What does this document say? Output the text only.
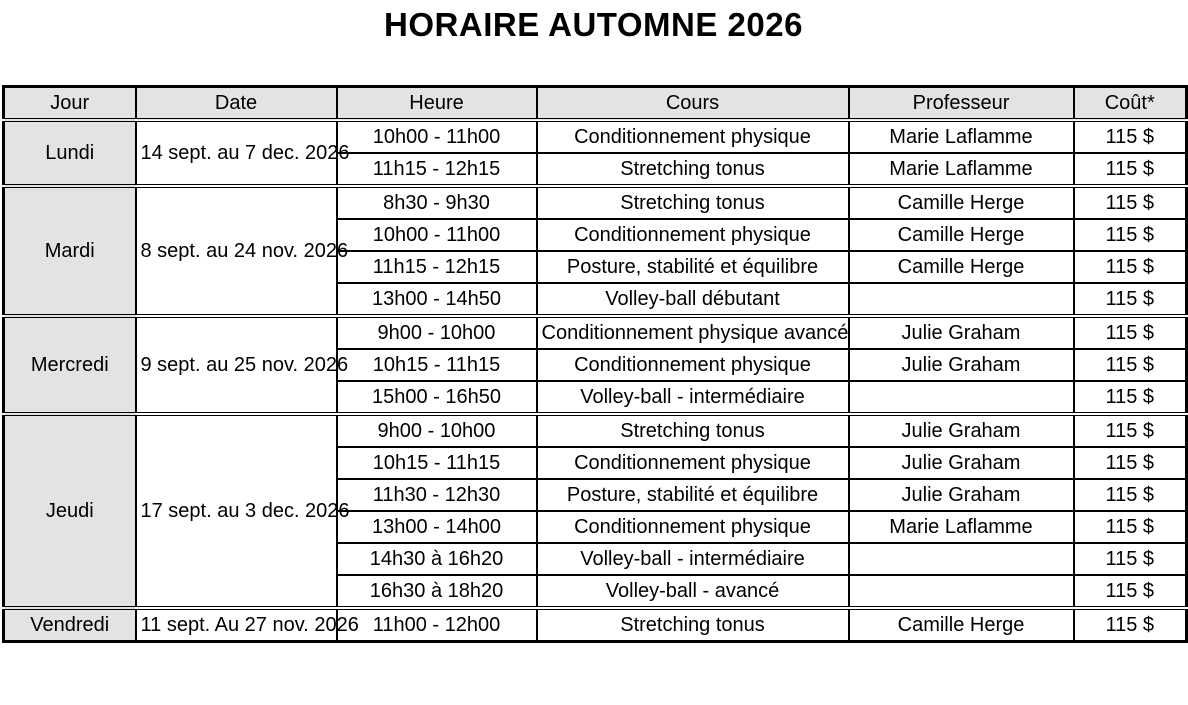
HORAIRE AUTOMNE 2026
Jour	Date	Heure	Cours	Professeur	Coût*
Lundi	14 sept. au 7 dec. 2026	10h00 - 11h00	Conditionnement physique	Marie Laflamme	115 $
		11h15 - 12h15	Stretching tonus	Marie Laflamme	115 $
Mardi	8 sept. au 24 nov. 2026	8h30 - 9h30	Stretching tonus	Camille Herge	115 $
		10h00 - 11h00	Conditionnement physique	Camille Herge	115 $
		11h15 - 12h15	Posture, stabilité et équilibre	Camille Herge	115 $
		13h00 - 14h50	Volley-ball débutant		115 $
Mercredi	9 sept. au 25 nov. 2026	9h00 - 10h00	Conditionnement physique avancé	Julie Graham	115 $
		10h15 - 11h15	Conditionnement physique	Julie Graham	115 $
		15h00 - 16h50	Volley-ball - intermédiaire		115 $
Jeudi	17 sept. au 3 dec. 2026	9h00 - 10h00	Stretching tonus	Julie Graham	115 $
		10h15 - 11h15	Conditionnement physique	Julie Graham	115 $
		11h30 - 12h30	Posture, stabilité et équilibre	Julie Graham	115 $
		13h00 - 14h00	Conditionnement physique	Marie Laflamme	115 $
		14h30 à 16h20	Volley-ball - intermédiaire		115 $
		16h30 à 18h20	Volley-ball - avancé		115 $
Vendredi	11 sept. Au 27 nov. 2026	11h00 - 12h00	Stretching tonus	Camille Herge	115 $
